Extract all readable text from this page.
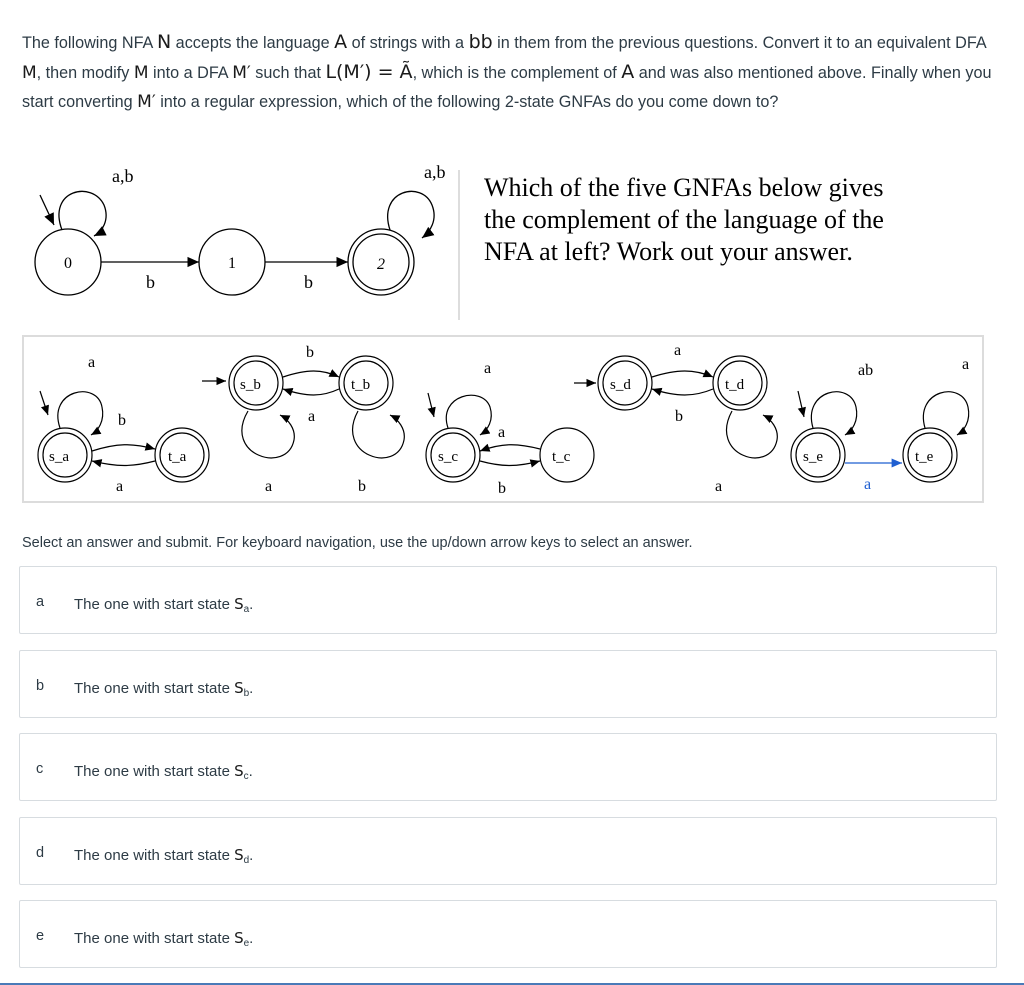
The following NFA N accepts the language A of strings with a bb in them from the previous questions. Convert it to an equivalent DFA M, then modify M into a DFA M′ such that L(M′) = Ã, which is the complement of A and was also mentioned above. Finally when you start converting M′ into a regular expression, which of the following 2-state GNFAs do you come down to?
0
a,b
b
1
b
2
a,b
Which of the five GNFAs below gives
the complement of the language of the
NFA at left? Work out your answer.
s_a
a
t_a
b
a
s_b	t_b
b
a
a	b
s_c
a
t_c
a
b
s_d	t_d
a
b
a
s_e
ab
t_e
a
a
Select an answer and submit. For keyboard navigation, use the up/down arrow keys to select an answer.
a The one with start state $S_a$.
b The one with start state $S_b$.
c The one with start state $S_c$.
d The one with start state $S_d$.
e The one with start state $S_e$.
